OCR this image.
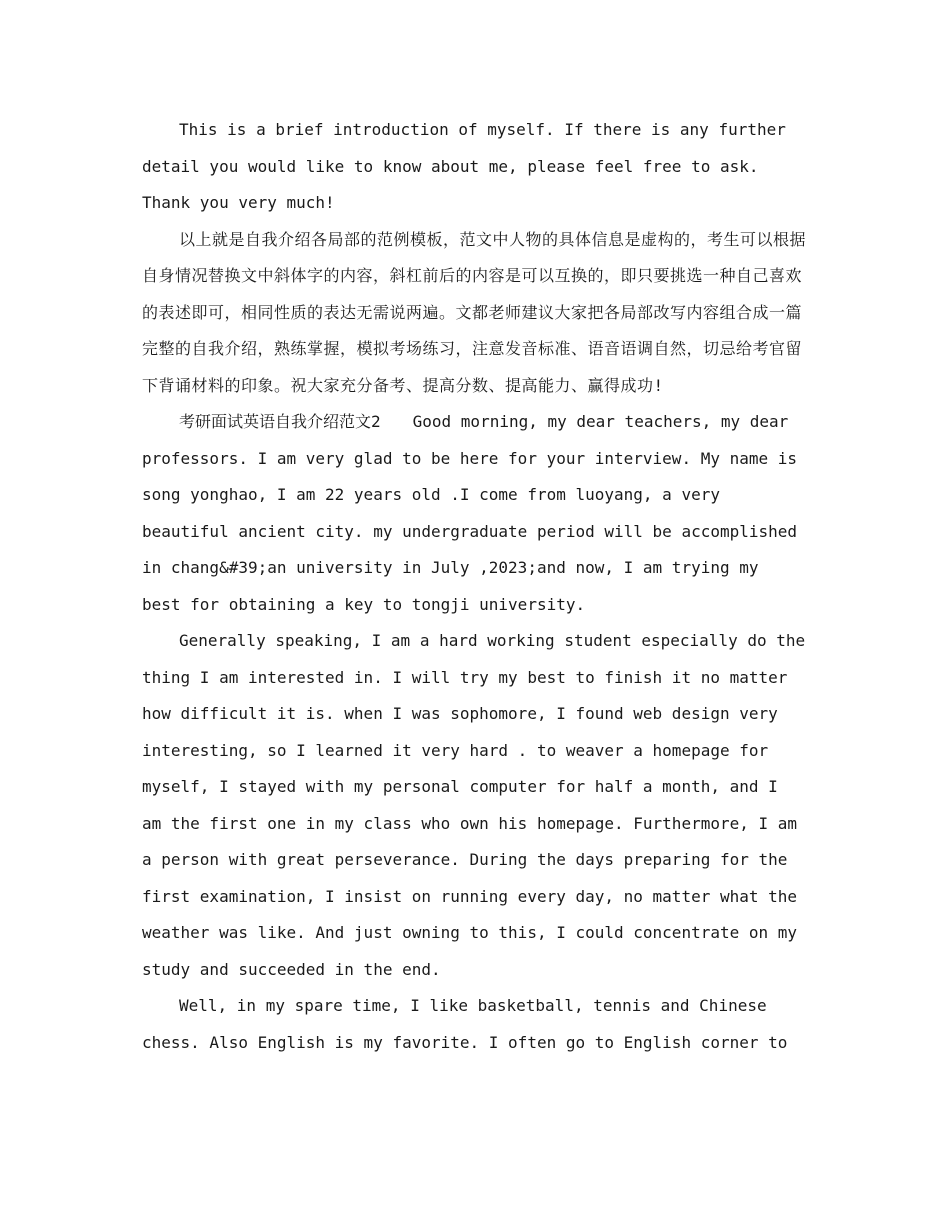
This is a brief introduction of myself. If there is any further detail you would like to know about me, please feel free to ask. Thank you very much!

以上就是自我介绍各局部的范例模板，范文中人物的具体信息是虚构的，考生可以根据自身情况替换文中斜体字的内容，斜杠前后的内容是可以互换的，即只要挑选一种自己喜欢的表述即可，相同性质的表达无需说两遍。文都老师建议大家把各局部改写内容组合成一篇完整的自我介绍，熟练掌握，模拟考场练习，注意发音标准、语音语调自然，切忌给考官留下背诵材料的印象。祝大家充分备考、提高分数、提高能力、赢得成功!

考研面试英语自我介绍范文2　　Good morning, my dear teachers, my dear professors. I am very glad to be here for your interview. My name is song yonghao, I am 22 years old .I come from luoyang, a very beautiful ancient city. my undergraduate period will be accomplished in chang&#39;an university in July ,2023;and now, I am trying my best for obtaining a key to tongji university.

Generally speaking, I am a hard working student especially do the thing I am interested in. I will try my best to finish it no matter how difficult it is. when I was sophomore, I found web design very interesting, so I learned it very hard . to weaver a homepage for myself, I stayed with my personal computer for half a month, and I am the first one in my class who own his homepage. Furthermore, I am a person with great perseverance. During the days preparing for the first examination, I insist on running every day, no matter what the weather was like. And just owning to this, I could concentrate on my study and succeeded in the end.

Well, in my spare time, I like basketball, tennis and Chinese chess. Also English is my favorite. I often go to English corner to
